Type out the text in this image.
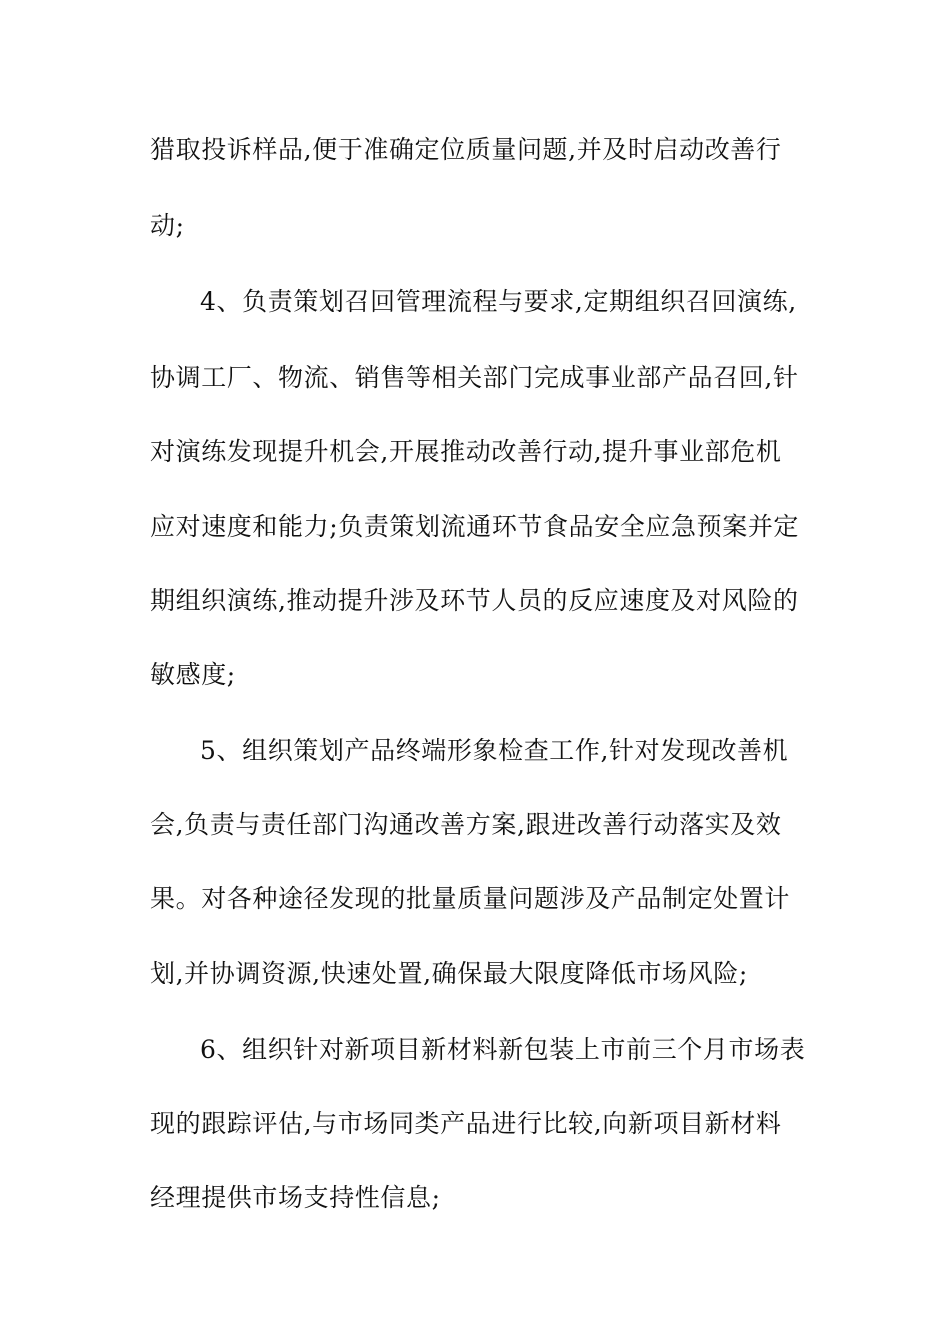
猎取投诉样品,便于准确定位质量问题,并及时启动改善行
动;
4、负责策划召回管理流程与要求,定期组织召回演练,
协调工厂、物流、销售等相关部门完成事业部产品召回,针
对演练发现提升机会,开展推动改善行动,提升事业部危机
应对速度和能力;负责策划流通环节食品安全应急预案并定
期组织演练,推动提升涉及环节人员的反应速度及对风险的
敏感度;
5、组织策划产品终端形象检查工作,针对发现改善机
会,负责与责任部门沟通改善方案,跟进改善行动落实及效
果。对各种途径发现的批量质量问题涉及产品制定处置计
划,并协调资源,快速处置,确保最大限度降低市场风险;
6、组织针对新项目新材料新包装上市前三个月市场表
现的跟踪评估,与市场同类产品进行比较,向新项目新材料
经理提供市场支持性信息;
